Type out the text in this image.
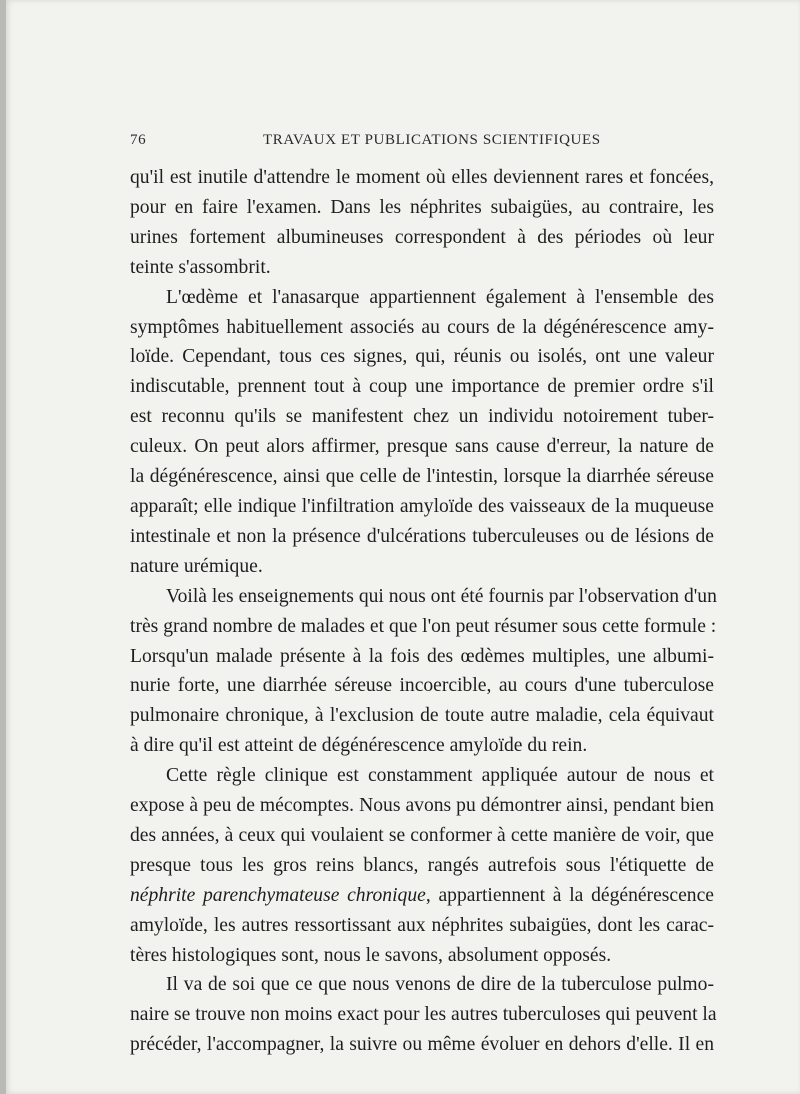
76	TRAVAUX ET PUBLICATIONS SCIENTIFIQUES

qu'il est inutile d'attendre le moment où elles deviennent rares et foncées,
pour en faire l'examen. Dans les néphrites subaigües, au contraire, les
urines fortement albumineuses correspondent à des périodes où leur
teinte s'assombrit.

L'œdème et l'anasarque appartiennent également à l'ensemble des
symptômes habituellement associés au cours de la dégénérescence amy-
loïde. Cependant, tous ces signes, qui, réunis ou isolés, ont une valeur
indiscutable, prennent tout à coup une importance de premier ordre s'il
est reconnu qu'ils se manifestent chez un individu notoirement tuber-
culeux. On peut alors affirmer, presque sans cause d'erreur, la nature de
la dégénérescence, ainsi que celle de l'intestin, lorsque la diarrhée séreuse
apparaît; elle indique l'infiltration amyloïde des vaisseaux de la muqueuse
intestinale et non la présence d'ulcérations tuberculeuses ou de lésions de
nature urémique.

Voilà les enseignements qui nous ont été fournis par l'observation d'un
très grand nombre de malades et que l'on peut résumer sous cette formule :
Lorsqu'un malade présente à la fois des œdèmes multiples, une albumi-
nurie forte, une diarrhée séreuse incoercible, au cours d'une tuberculose
pulmonaire chronique, à l'exclusion de toute autre maladie, cela équivaut
à dire qu'il est atteint de dégénérescence amyloïde du rein.

Cette règle clinique est constamment appliquée autour de nous et
expose à peu de mécomptes. Nous avons pu démontrer ainsi, pendant bien
des années, à ceux qui voulaient se conformer à cette manière de voir, que
presque tous les gros reins blancs, rangés autrefois sous l'étiquette de
néphrite parenchymateuse chronique, appartiennent à la dégénérescence
amyloïde, les autres ressortissant aux néphrites subaigües, dont les carac-
tères histologiques sont, nous le savons, absolument opposés.

Il va de soi que ce que nous venons de dire de la tuberculose pulmo-
naire se trouve non moins exact pour les autres tuberculoses qui peuvent la
précéder, l'accompagner, la suivre ou même évoluer en dehors d'elle. Il en
